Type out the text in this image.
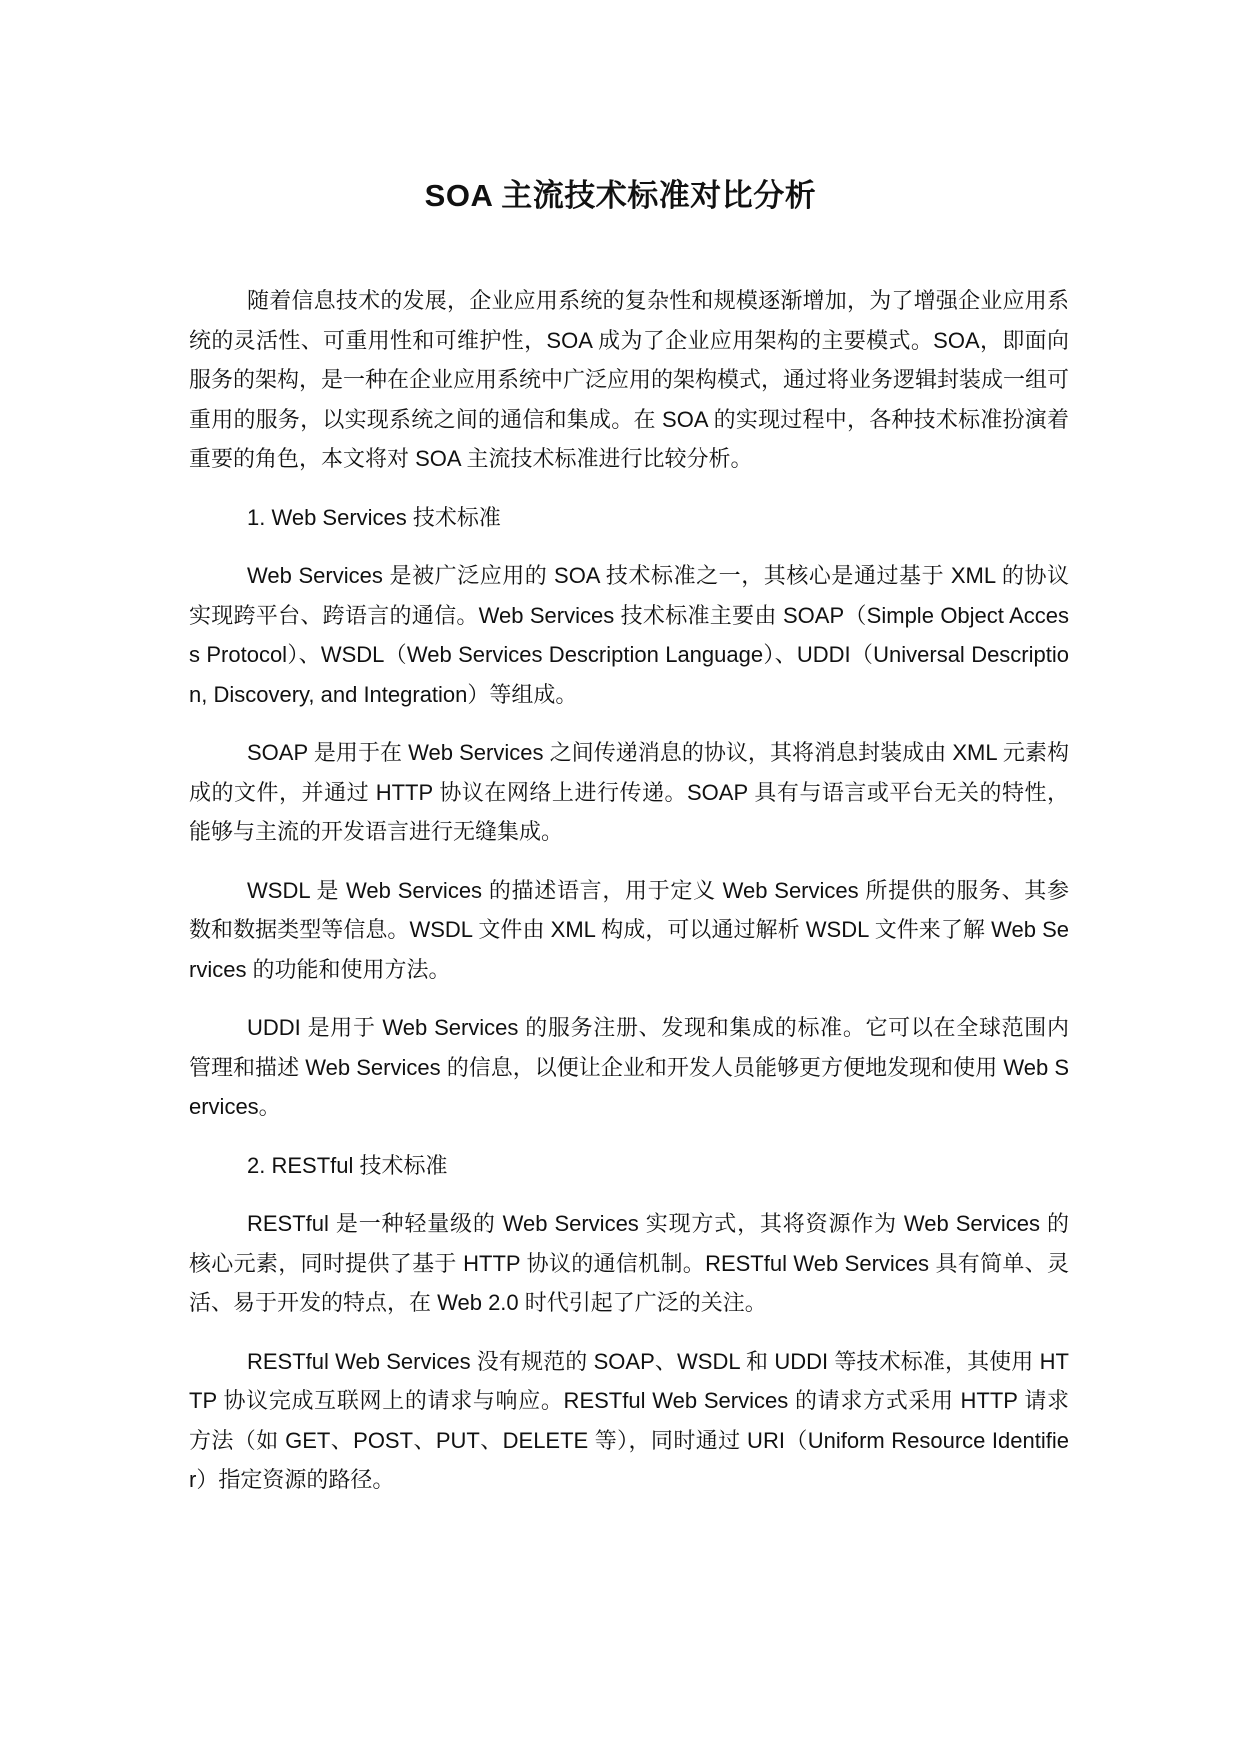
SOA 主流技术标准对比分析

随着信息技术的发展，企业应用系统的复杂性和规模逐渐增加，为了增强企业应用系统的灵活性、可重用性和可维护性，SOA 成为了企业应用架构的主要模式。SOA，即面向服务的架构，是一种在企业应用系统中广泛应用的架构模式，通过将业务逻辑封装成一组可重用的服务，以实现系统之间的通信和集成。在 SOA 的实现过程中，各种技术标准扮演着重要的角色，本文将对 SOA 主流技术标准进行比较分析。

1. Web Services 技术标准

Web Services 是被广泛应用的 SOA 技术标准之一，其核心是通过基于 XML 的协议实现跨平台、跨语言的通信。Web Services 技术标准主要由 SOAP（Simple Object Access Protocol）、WSDL（Web Services Description Language）、UDDI（Universal Description, Discovery, and Integration）等组成。

SOAP 是用于在 Web Services 之间传递消息的协议，其将消息封装成由 XML 元素构成的文件，并通过 HTTP 协议在网络上进行传递。SOAP 具有与语言或平台无关的特性，能够与主流的开发语言进行无缝集成。

WSDL 是 Web Services 的描述语言，用于定义 Web Services 所提供的服务、其参数和数据类型等信息。WSDL 文件由 XML 构成，可以通过解析 WSDL 文件来了解 Web Services 的功能和使用方法。

UDDI 是用于 Web Services 的服务注册、发现和集成的标准。它可以在全球范围内管理和描述 Web Services 的信息，以便让企业和开发人员能够更方便地发现和使用 Web Services。

2. RESTful 技术标准

RESTful 是一种轻量级的 Web Services 实现方式，其将资源作为 Web Services 的核心元素，同时提供了基于 HTTP 协议的通信机制。RESTful Web Services 具有简单、灵活、易于开发的特点，在 Web 2.0 时代引起了广泛的关注。

RESTful Web Services 没有规范的 SOAP、WSDL 和 UDDI 等技术标准，其使用 HTTP 协议完成互联网上的请求与响应。RESTful Web Services 的请求方式采用 HTTP 请求方法（如 GET、POST、PUT、DELETE 等），同时通过 URI（Uniform Resource Identifier）指定资源的路径。
